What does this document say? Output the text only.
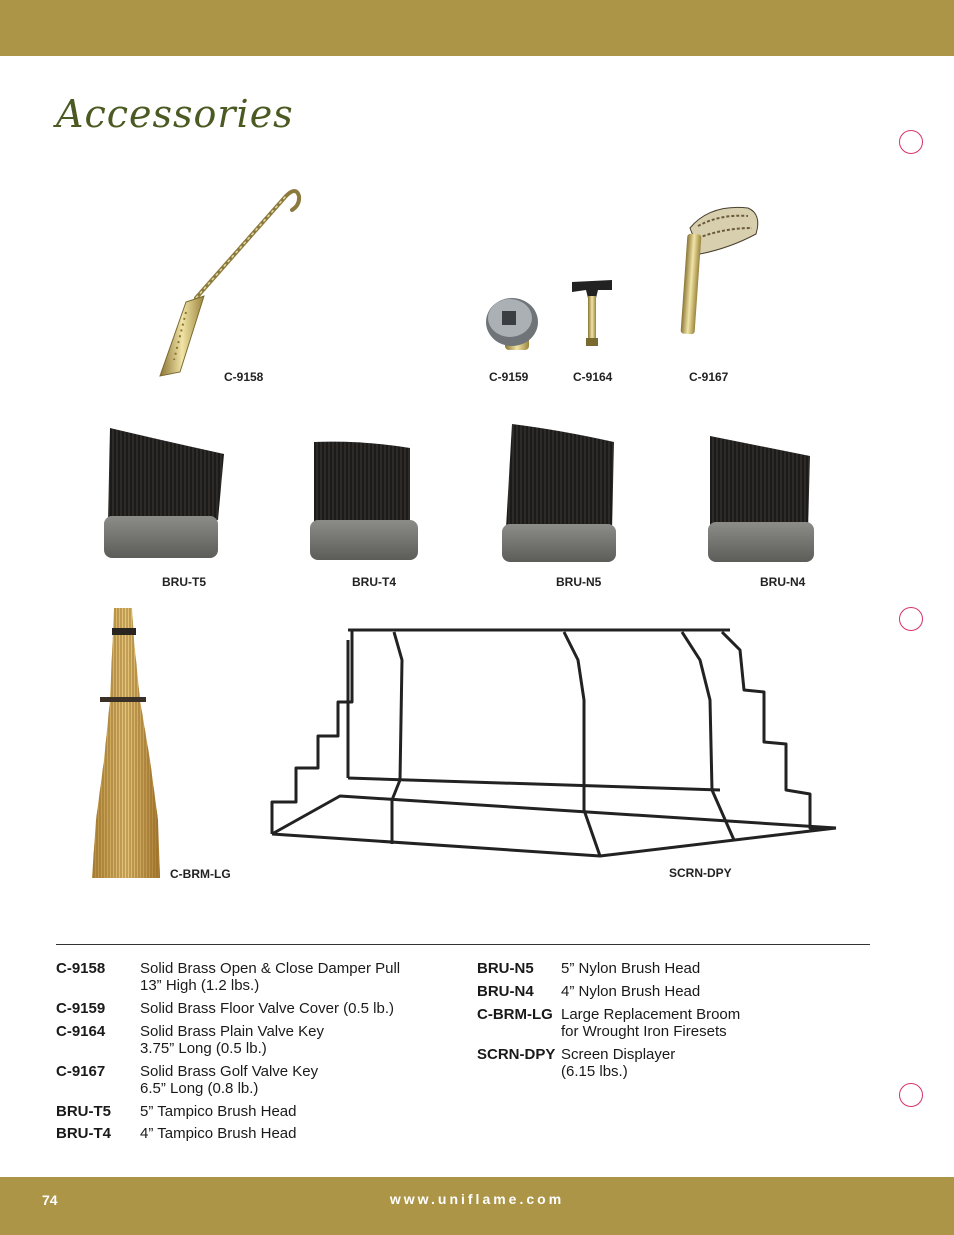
Accessories
C-9158	C-9159	C-9164	C-9167
BRU-T5	BRU-T4	BRU-N5	BRU-N4
C-BRM-LG	SCRN-DPY
C-9158 Solid Brass Open & Close Damper Pull
13” High (1.2 lbs.)
C-9159 Solid Brass Floor Valve Cover (0.5 lb.)
C-9164 Solid Brass Plain Valve Key
3.75” Long (0.5 lb.)
C-9167 Solid Brass Golf Valve Key
6.5” Long (0.8 lb.)
BRU-T5 5” Tampico Brush Head
BRU-T4 4” Tampico Brush Head
BRU-N5 5” Nylon Brush Head
BRU-N4 4” Nylon Brush Head
C-BRM-LG Large Replacement Broom
for Wrought Iron Firesets
SCRN-DPY Screen Displayer
(6.15 lbs.)
74	www.uniflame.com
